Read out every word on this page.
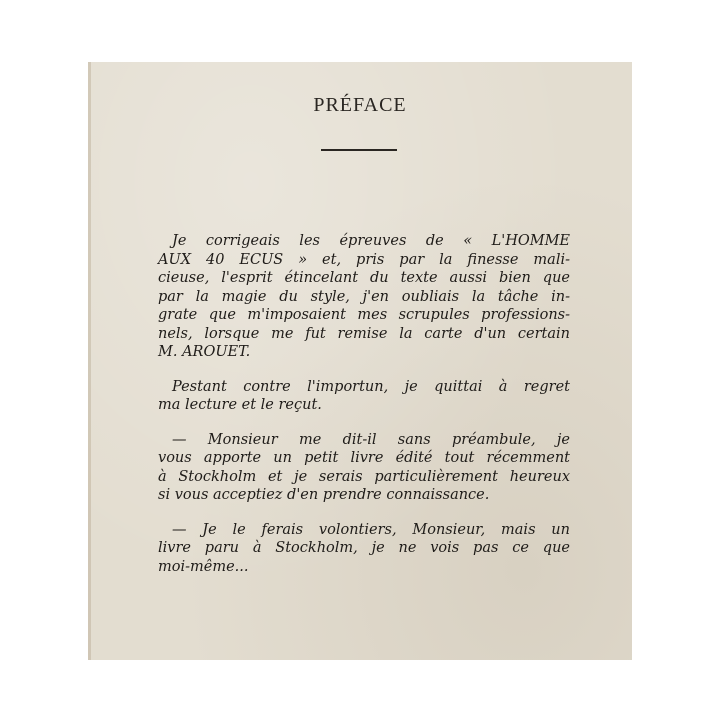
PRÉFACE
Je corrigeais les épreuves de « L'HOMME
AUX 40 ECUS » et, pris par la finesse mali-
cieuse, l'esprit étincelant du texte aussi bien que
par la magie du style, j'en oubliais la tâche in-
grate que m'imposaient mes scrupules professions-
nels, lorsque me fut remise la carte d'un certain
M. AROUET.
Pestant contre l'importun, je quittai à regret
ma lecture et le reçut.
— Monsieur me dit-il sans préambule, je
vous apporte un petit livre édité tout récemment
à Stockholm et je serais particulièrement heureux
si vous acceptiez d'en prendre connaissance.
— Je le ferais volontiers, Monsieur, mais un
livre paru à Stockholm, je ne vois pas ce que
moi-même...
